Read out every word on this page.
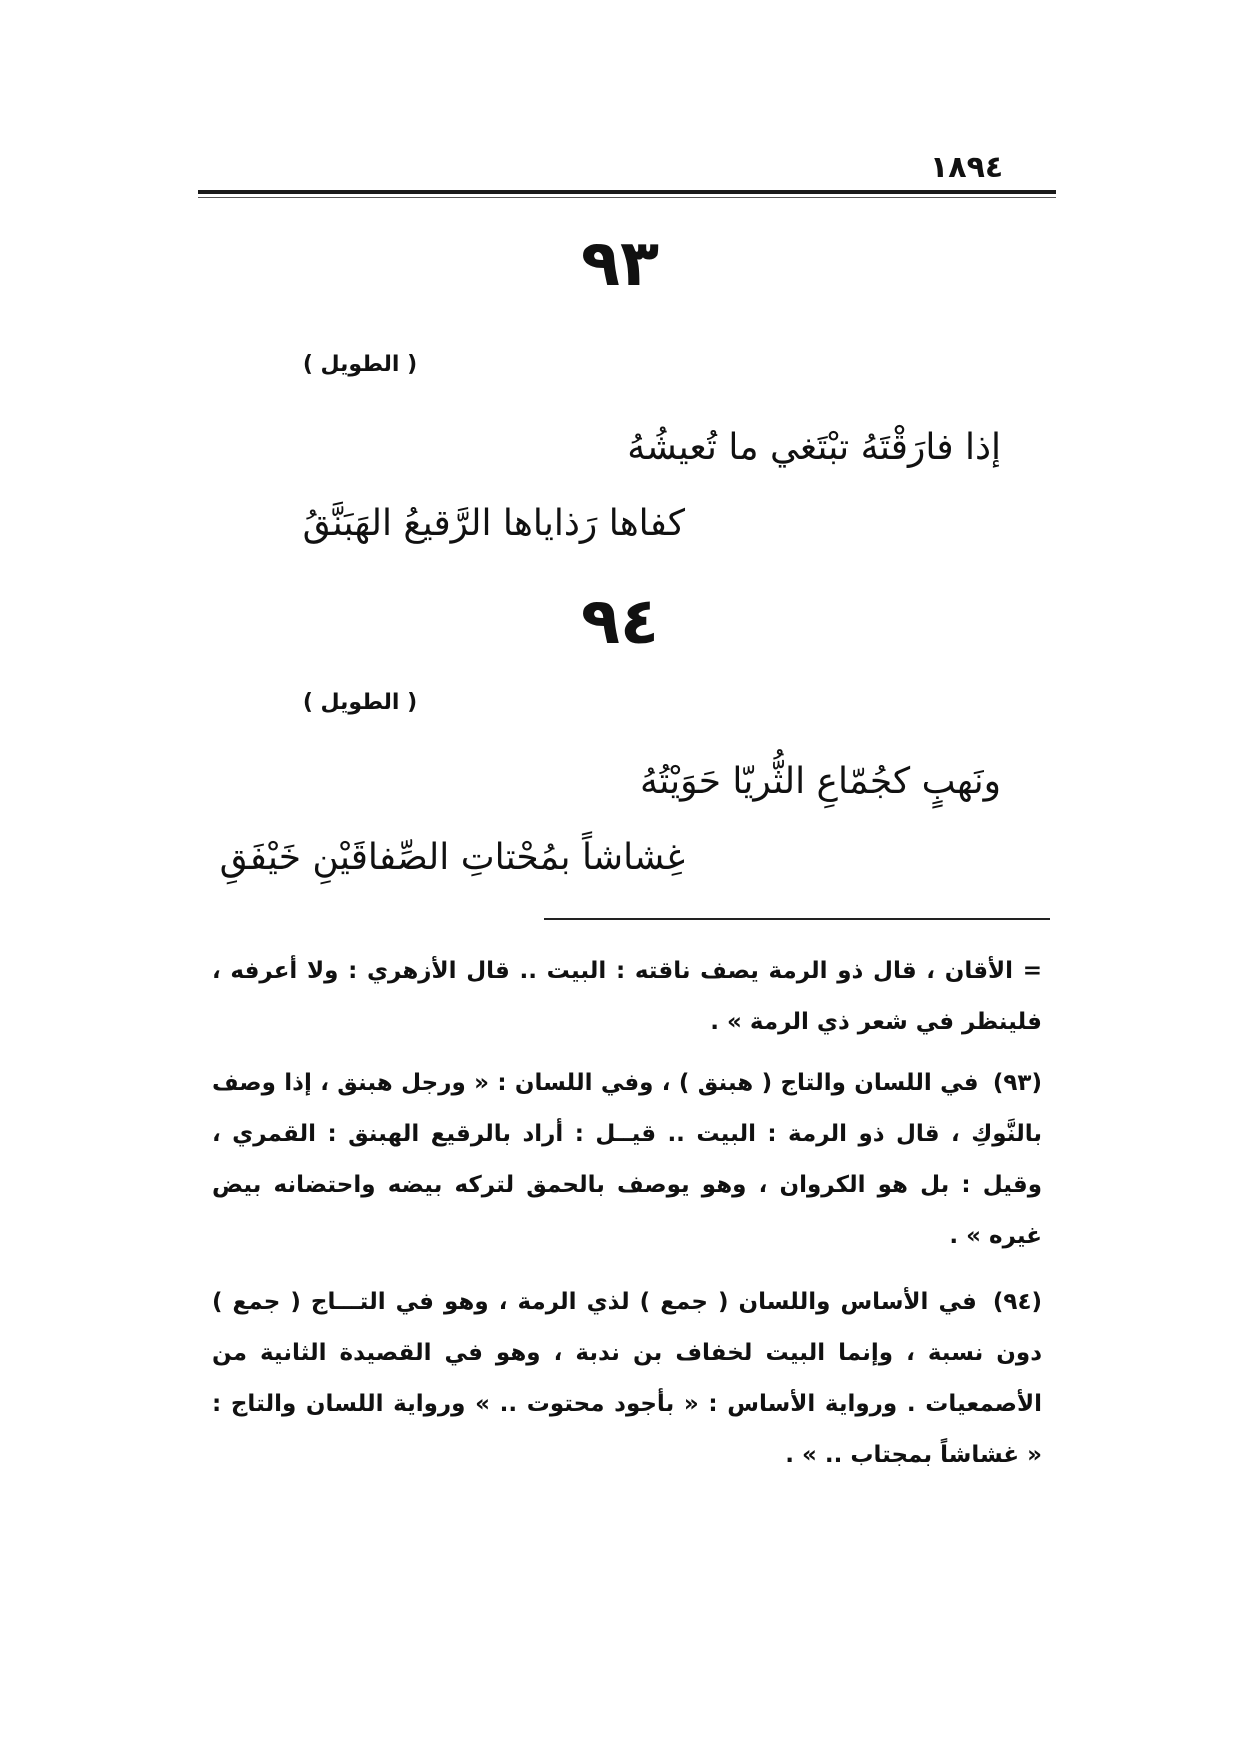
١٨٩٤
٩٣
( الطويل )
إذا فارَقْتَهُ تبْتَغي ما تُعيشُهُ
كفاها رَذاياها الرَّقيعُ الهَبَنَّقُ
٩٤
( الطويل )
ونَهبٍ كجُمّاعِ الثُّريّا حَوَيْتُهُ
غِشاشاً بمُحْتاتِ الصِّفاقَيْنِ خَيْفَقِ

= الأقان ، قال ذو الرمة يصف ناقته : البيت .. قال الأزهري : ولا أعرفه ، فلينظر في شعر ذي الرمة » .

(٩٣) في اللسان والتاج ( هبنق ) ، وفي اللسان : « ورجل هبنق ، إذا وصف بالنَّوكِ ، قال ذو الرمة : البيت .. قيــل : أراد بالرقيع الهبنق : القمري ، وقيل : بل هو الكروان ، وهو يوصف بالحمق لتركه بيضه واحتضانه بيض غيره » .

(٩٤) في الأساس واللسان ( جمع ) لذي الرمة ، وهو في التـــاج ( جمع ) دون نسبة ، وإنما البيت لخفاف بن ندبة ، وهو في القصيدة الثانية من الأصمعيات . ورواية الأساس : « بأجود محتوت .. » ورواية اللسان والتاج : « غشاشاً بمجتاب .. » .
